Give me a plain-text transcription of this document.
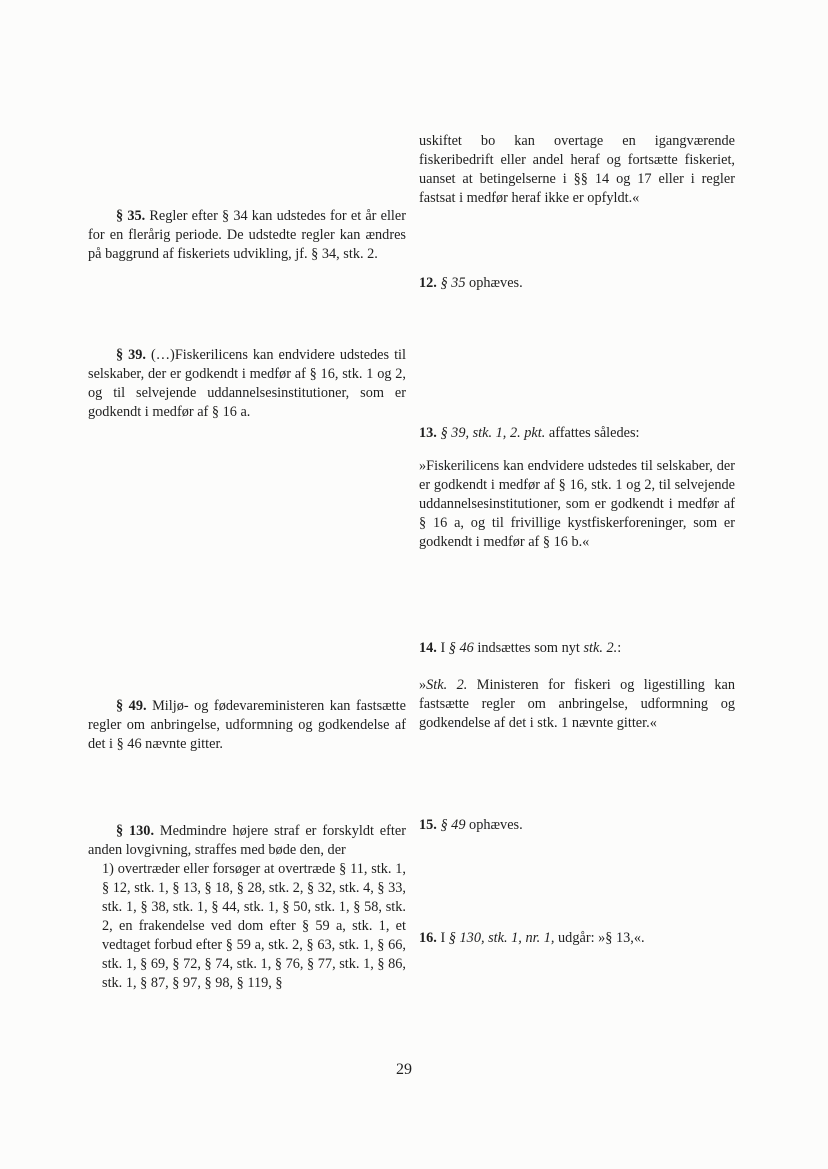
uskiftet bo kan overtage en igangværende fiskeribedrift eller andel heraf og fortsætte fiskeriet, uanset at betingelserne i §§ 14 og 17 eller i regler fastsat i medfør heraf ikke er opfyldt.«

12. § 35 ophæves.

13. § 39, stk. 1, 2. pkt. affattes således:

»Fiskerilicens kan endvidere udstedes til selskaber, der er godkendt i medfør af § 16, stk. 1 og 2, til selvejende uddannelsesinstitutioner, som er godkendt i medfør af § 16 a, og til frivillige kystfiskerforeninger, som er godkendt i medfør af § 16 b.«

14. I § 46 indsættes som nyt stk. 2.:

»Stk. 2. Ministeren for fiskeri og ligestilling kan fastsætte regler om anbringelse, udformning og godkendelse af det i stk. 1 nævnte gitter.«

15. § 49 ophæves.

16. I § 130, stk. 1, nr. 1, udgår: »§ 13,«.

§ 35. Regler efter § 34 kan udstedes for et år eller for en flerårig periode. De udstedte regler kan ændres på baggrund af fiskeriets udvikling, jf. § 34, stk. 2.

§ 39. (…)Fiskerilicens kan endvidere udstedes til selskaber, der er godkendt i medfør af § 16, stk. 1 og 2, og til selvejende uddannelsesinstitutioner, som er godkendt i medfør af § 16 a.

§ 49. Miljø- og fødevareministeren kan fastsætte regler om anbringelse, udformning og godkendelse af det i § 46 nævnte gitter.

§ 130. Medmindre højere straf er forskyldt efter anden lovgivning, straffes med bøde den, der

1) overtræder eller forsøger at overtræde § 11, stk. 1, § 12, stk. 1, § 13, § 18, § 28, stk. 2, § 32, stk. 4, § 33, stk. 1, § 38, stk. 1, § 44, stk. 1, § 50, stk. 1, § 58, stk. 2, en frakendelse ved dom efter § 59 a, stk. 1, et vedtaget forbud efter § 59 a, stk. 2, § 63, stk. 1, § 66, stk. 1, § 69, § 72, § 74, stk. 1, § 76, § 77, stk. 1, § 86, stk. 1, § 87, § 97, § 98, § 119, §

29
